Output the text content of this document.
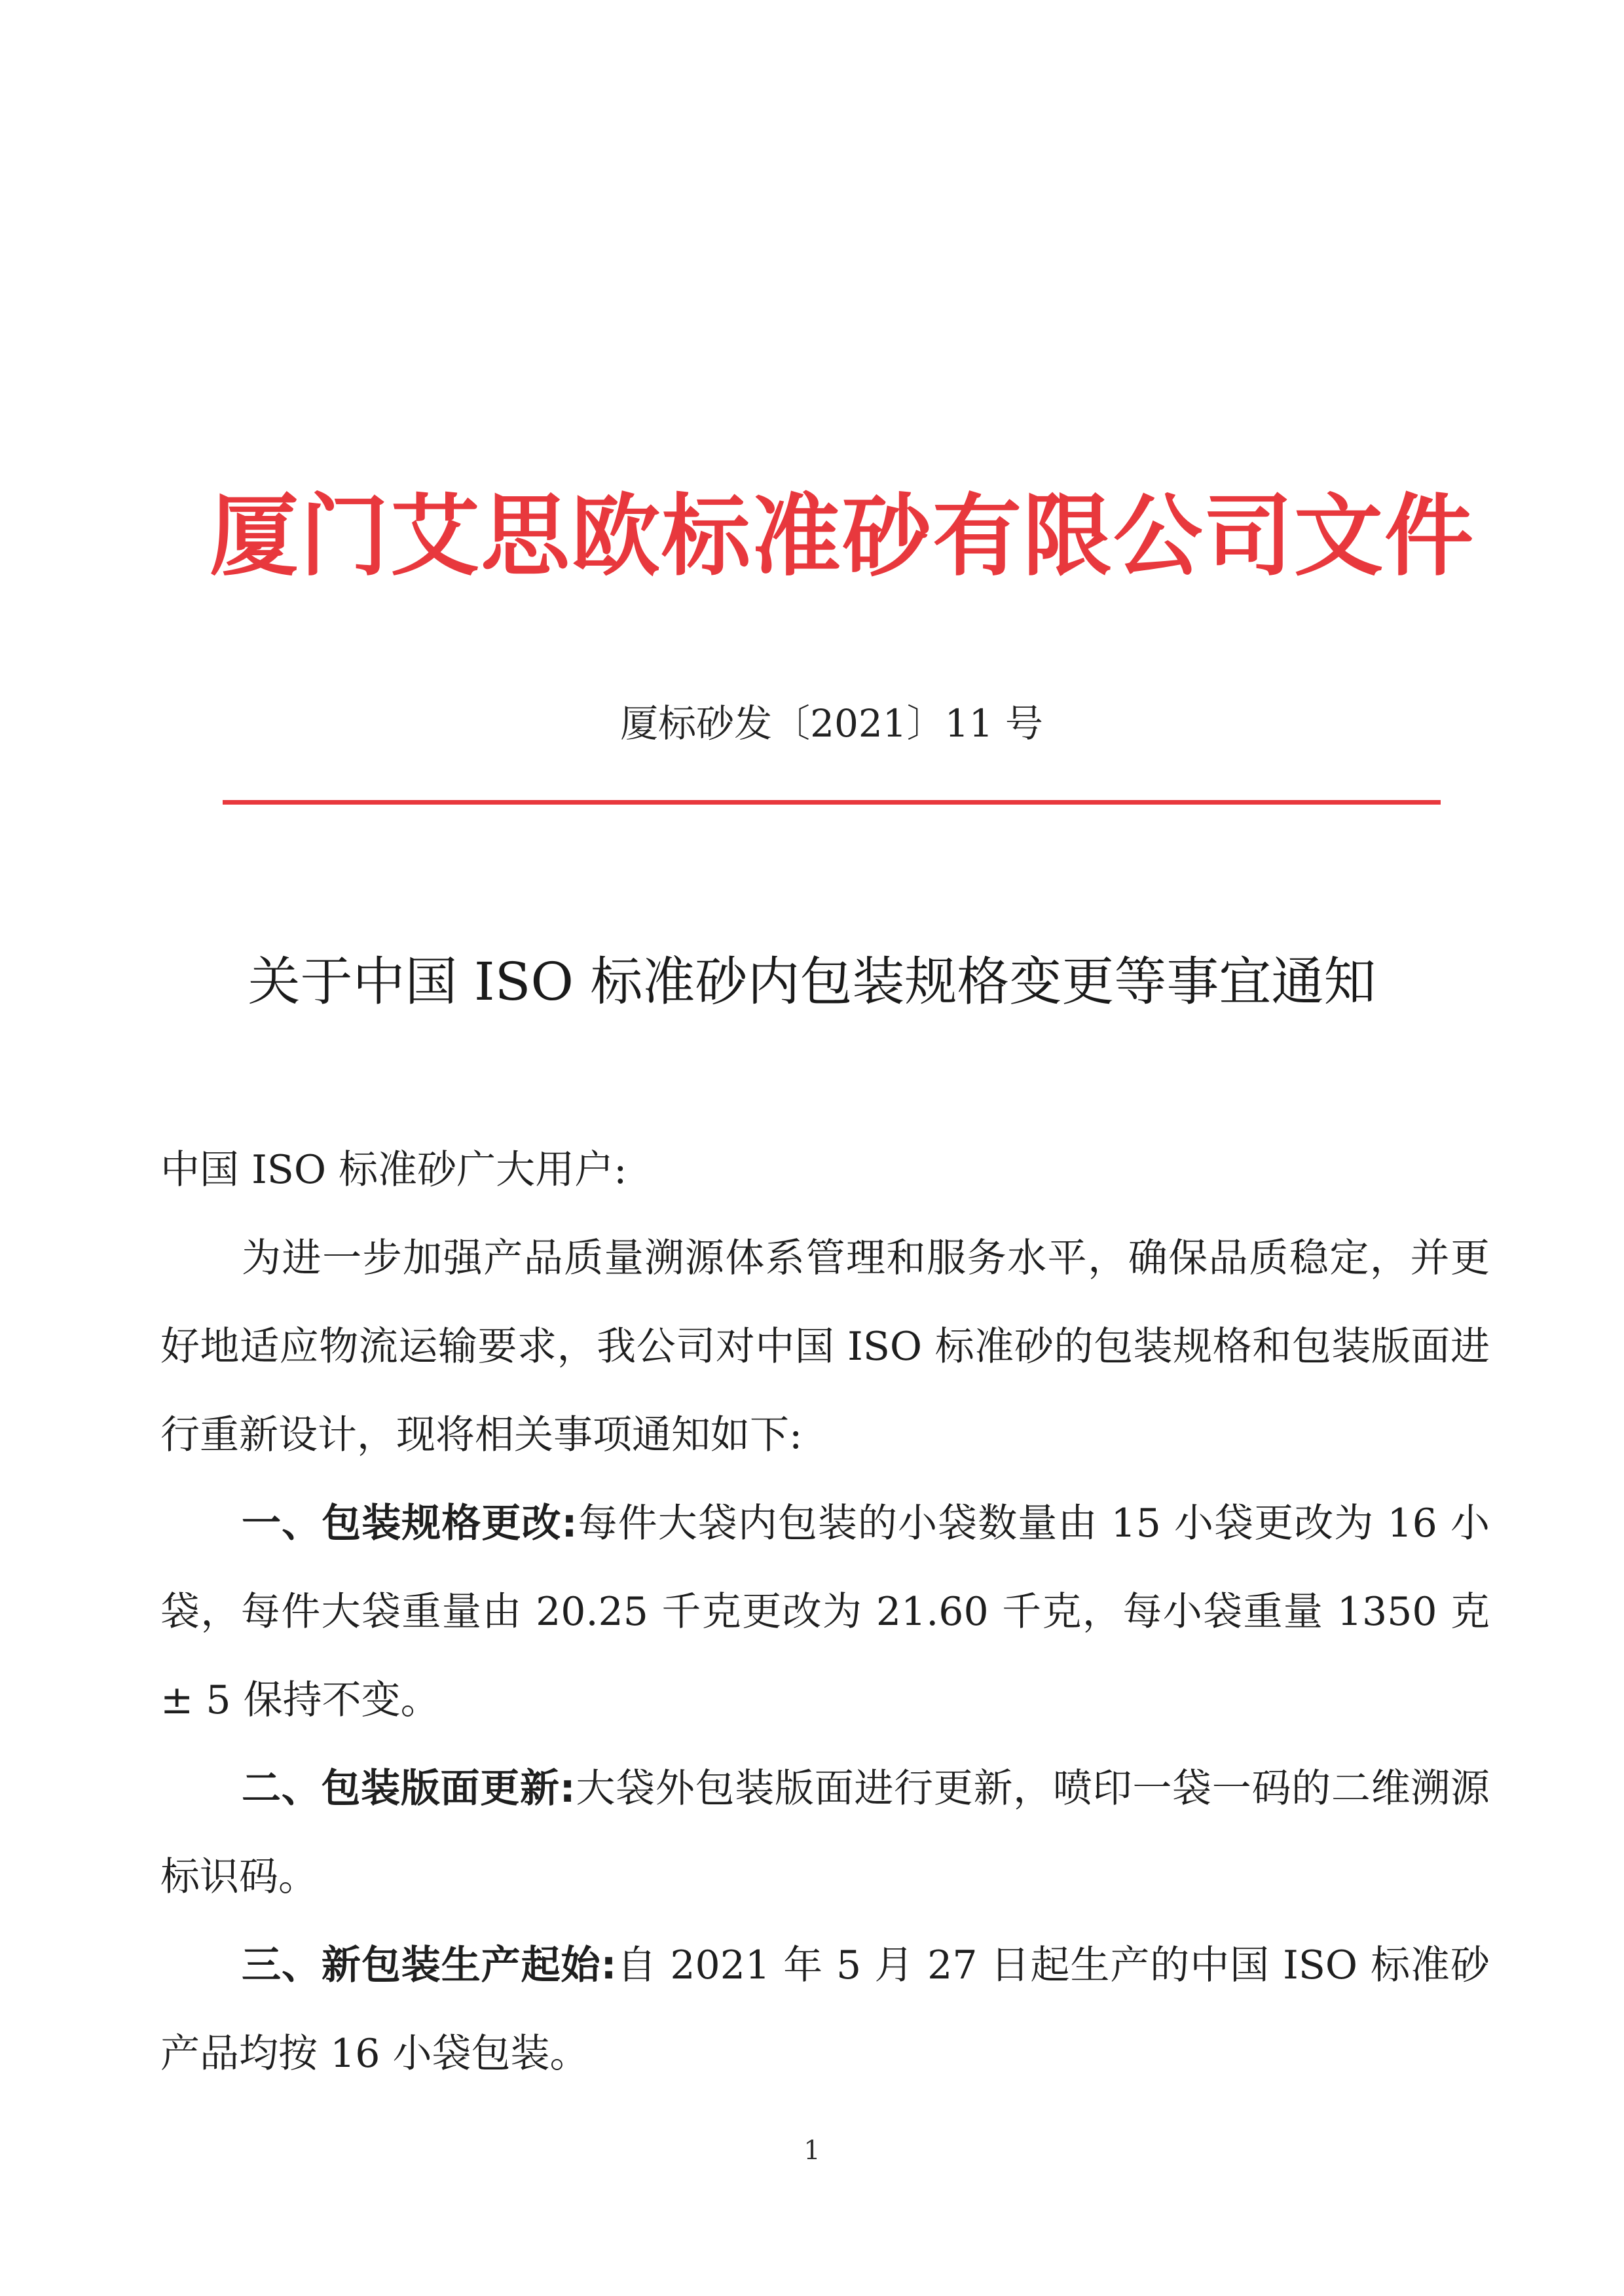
厦门艾思欧标准砂有限公司文件
厦标砂发〔2021〕11 号
关于中国 ISO 标准砂内包装规格变更等事宜通知

中国 ISO 标准砂广大用户:

为进一步加强产品质量溯源体系管理和服务水平，确保品质稳定，并更好地适应物流运输要求，我公司对中国 ISO 标准砂的包装规格和包装版面进行重新设计，现将相关事项通知如下:

一、包装规格更改:每件大袋内包装的小袋数量由 15 小袋更改为 16 小袋，每件大袋重量由 20.25 千克更改为 21.60 千克，每小袋重量 1350 克 ± 5 保持不变。

二、包装版面更新:大袋外包装版面进行更新，喷印一袋一码的二维溯源标识码。

三、新包装生产起始:自 2021 年 5 月 27 日起生产的中国 ISO 标准砂产品均按 16 小袋包装。

1
